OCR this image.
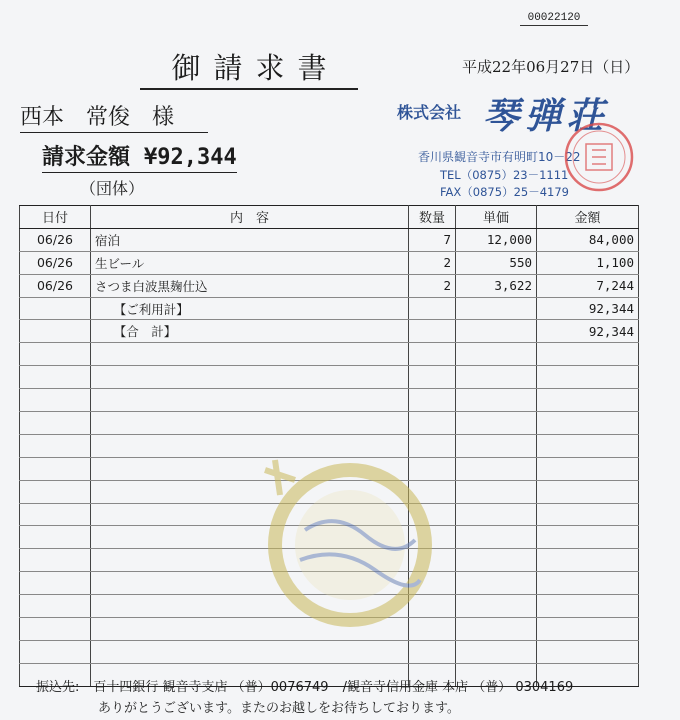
00022120
御請求書	平成22年06月27日（日）
西本　常俊　様	株式会社 琴弾荘
香川県観音寺市有明町10－22
TEL（0875）23－1111
FAX（0875）25－4179
請求金額 ¥92,344
（団体）
日付	内　容	数量	単価	金額
06/26	宿泊	7	12,000	84,000
06/26	生ビール	2	550	1,100
06/26	さつま白波黒麹仕込	2	3,622	7,244
	　　【ご利用計】			92,344
	　　【合　計】			92,344

振込先: 百十四銀行 観音寺支店 （普）0076749 /観音寺信用金庫 本店 （普） 0304169
ありがとうございます。またのお越しをお待ちしております。
